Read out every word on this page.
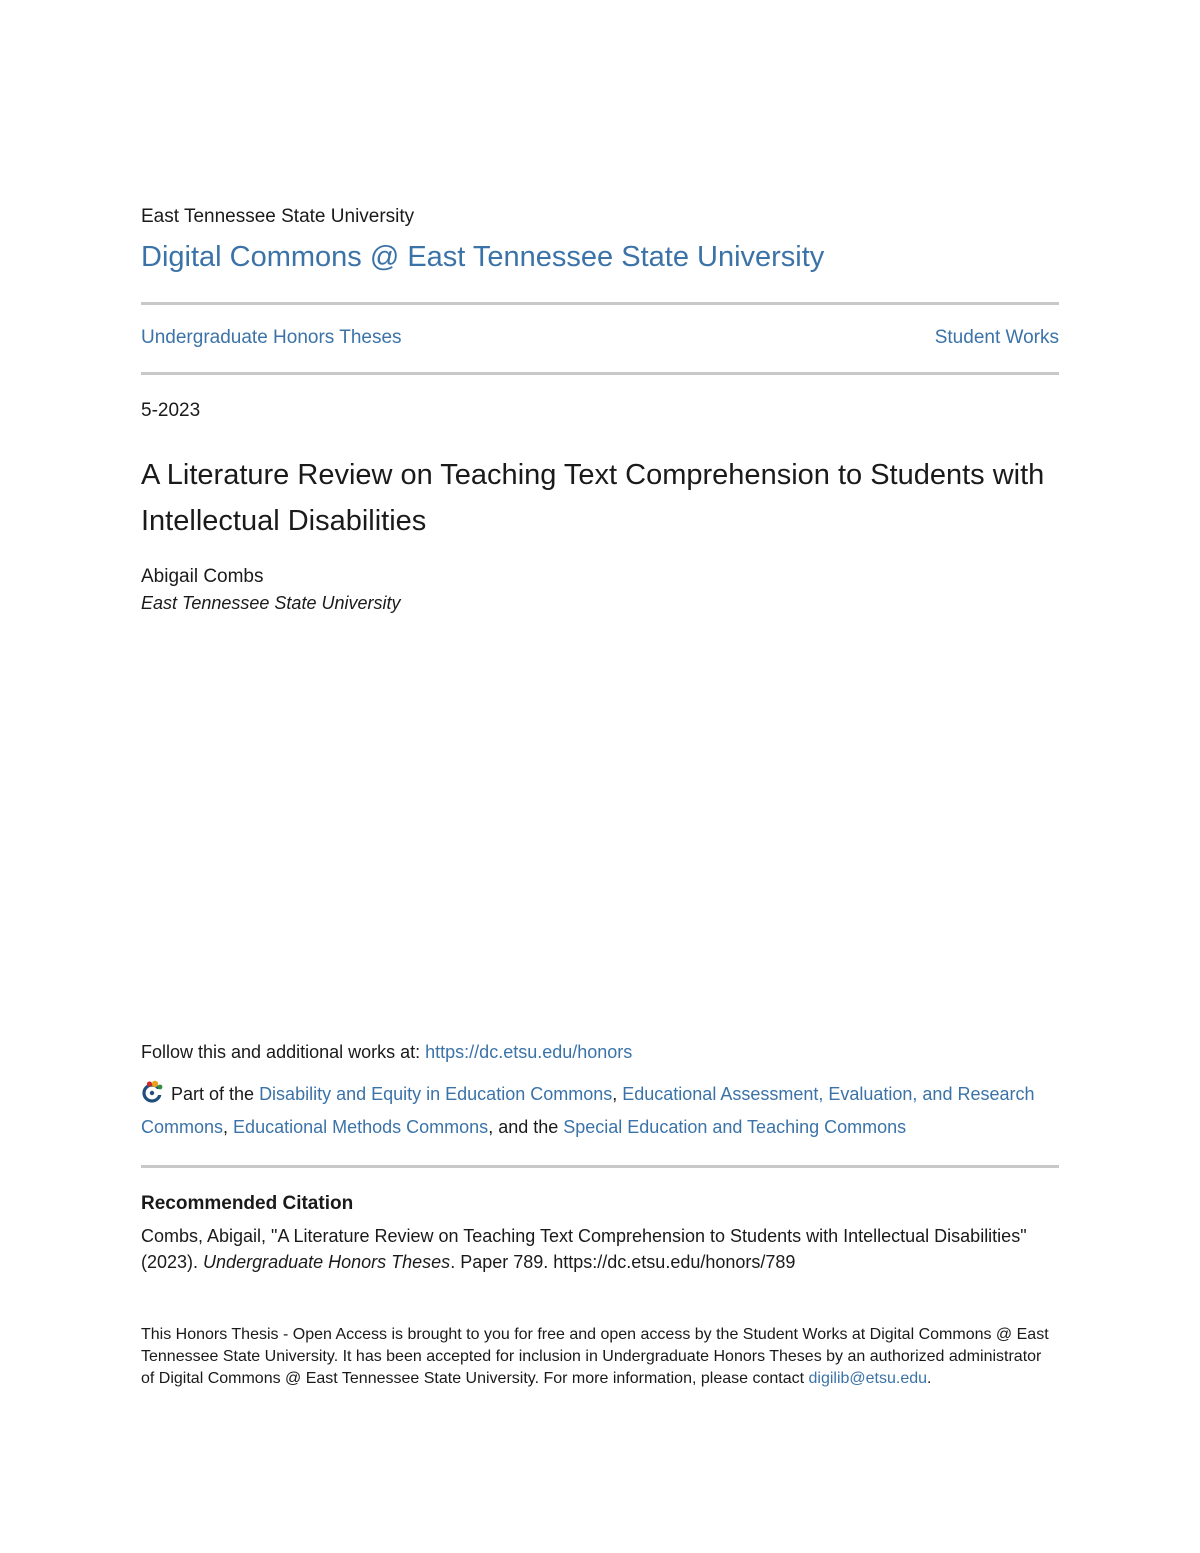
East Tennessee State University
Digital Commons @ East Tennessee State University
Undergraduate Honors Theses	Student Works
5-2023
A Literature Review on Teaching Text Comprehension to Students with Intellectual Disabilities
Abigail Combs
East Tennessee State University
Follow this and additional works at: https://dc.etsu.edu/honors
Part of the Disability and Equity in Education Commons, Educational Assessment, Evaluation, and Research Commons, Educational Methods Commons, and the Special Education and Teaching Commons
Recommended Citation
Combs, Abigail, "A Literature Review on Teaching Text Comprehension to Students with Intellectual Disabilities" (2023). Undergraduate Honors Theses. Paper 789. https://dc.etsu.edu/honors/789
This Honors Thesis - Open Access is brought to you for free and open access by the Student Works at Digital Commons @ East Tennessee State University. It has been accepted for inclusion in Undergraduate Honors Theses by an authorized administrator of Digital Commons @ East Tennessee State University. For more information, please contact digilib@etsu.edu.
